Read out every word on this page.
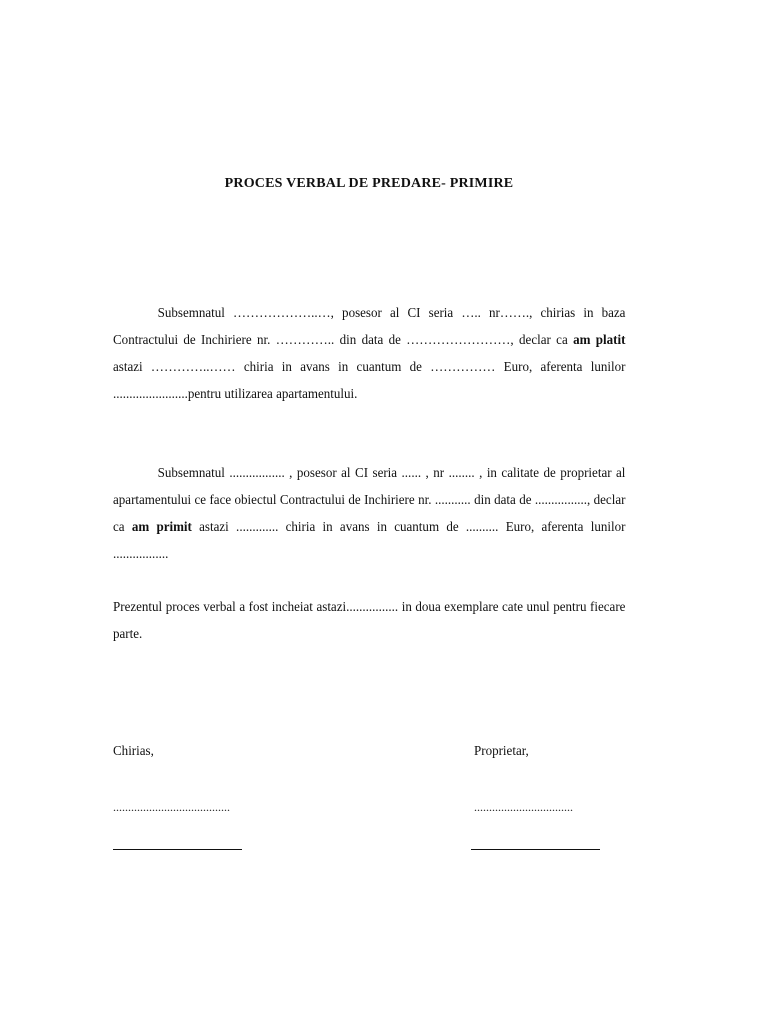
PROCES VERBAL DE PREDARE- PRIMIRE
Subsemnatul ………………..…, posesor al CI seria ….. nr……., chirias in baza Contractului de Inchiriere nr. ………….. din data de ……………………, declar ca am platit astazi …………..…… chiria in avans in cuantum de …………… Euro, aferenta lunilor .......................pentru utilizarea apartamentului.
Subsemnatul ................. , posesor al CI seria ...... , nr ........ , in calitate de proprietar al apartamentului ce face obiectul Contractului de Inchiriere nr. ........... din data de ................, declar ca am primit astazi ............. chiria in avans in cuantum de .......... Euro, aferenta lunilor .................
Prezentul proces verbal a fost incheiat astazi................ in doua exemplare cate unul pentru fiecare parte.
Chirias,	Proprietar,
.......................................	.................................
